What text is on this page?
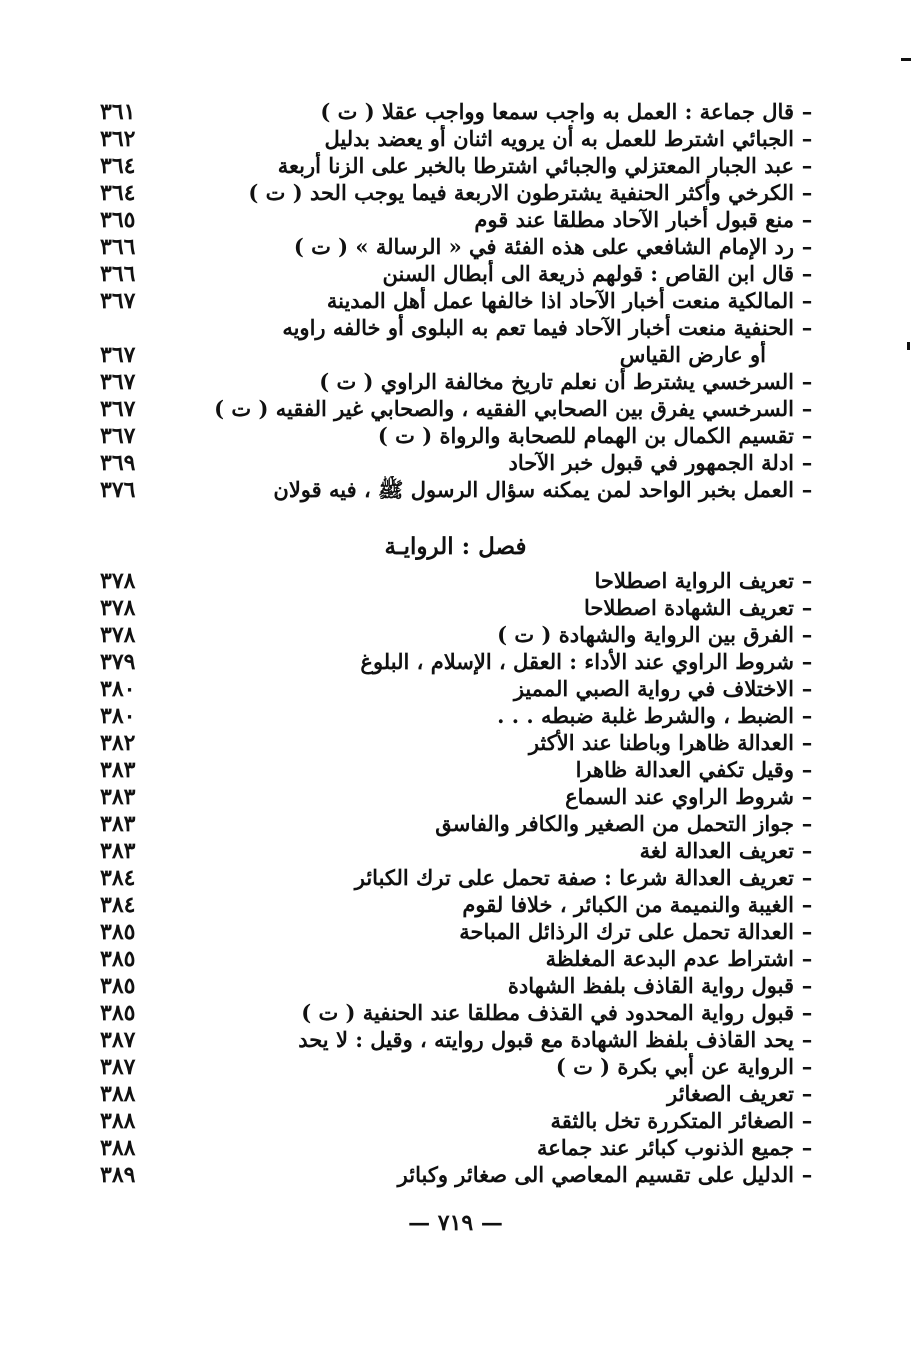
–
قال جماعة : العمل به واجب سمعا وواجب عقلا ( ت )
٣٦١
–
الجبائي اشترط للعمل به أن يرويه اثنان أو يعضد بدليل
٣٦٢
–
عبد الجبار المعتزلي والجبائي اشترطا بالخبر على الزنا أربعة
٣٦٤
–
الكرخي وأكثر الحنفية يشترطون الاربعة فيما يوجب الحد ( ت )
٣٦٤
–
منع قبول أخبار الآحاد مطلقا عند قوم
٣٦٥
–
رد الإمام الشافعي على هذه الفئة في « الرسالة » ( ت )
٣٦٦
–
قال ابن القاص : قولهم ذريعة الى أبطال السنن
٣٦٦
–
المالكية منعت أخبار الآحاد اذا خالفها عمل أهل المدينة
٣٦٧
–
الحنفية منعت أخبار الآحاد فيما تعم به البلوى أو خالفه راويه
أو عارض القياس
٣٦٧
–
السرخسي يشترط أن نعلم تاريخ مخالفة الراوي ( ت )
٣٦٧
–
السرخسي يفرق بين الصحابي الفقيه ، والصحابي غير الفقيه ( ت )
٣٦٧
–
تقسيم الكمال بن الهمام للصحابة والرواة ( ت )
٣٦٧
–
ادلة الجمهور في قبول خبر الآحاد
٣٦٩
–
العمل بخبر الواحد لمن يمكنه سؤال الرسول ﷺ ، فيه قولان
٣٧٦
فصل : الروايـة
–
تعريف الرواية اصطلاحا
٣٧٨
–
تعريف الشهادة اصطلاحا
٣٧٨
–
الفرق بين الرواية والشهادة ( ت )
٣٧٨
–
شروط الراوي عند الأداء : العقل ، الإسلام ، البلوغ
٣٧٩
–
الاختلاف في رواية الصبي المميز
٣٨٠
–
الضبط ، والشرط غلبة ضبطه . . .
٣٨٠
–
العدالة ظاهرا وباطنا عند الأكثر
٣٨٢
–
وقيل تكفي العدالة ظاهرا
٣٨٣
–
شروط الراوي عند السماع
٣٨٣
–
جواز التحمل من الصغير والكافر والفاسق
٣٨٣
–
تعريف العدالة لغة
٣٨٣
–
تعريف العدالة شرعا : صفة تحمل على ترك الكبائر
٣٨٤
–
الغيبة والنميمة من الكبائر ، خلافا لقوم
٣٨٤
–
العدالة تحمل على ترك الرذائل المباحة
٣٨٥
–
اشتراط عدم البدعة المغلظة
٣٨٥
–
قبول رواية القاذف بلفظ الشهادة
٣٨٥
–
قبول رواية المحدود في القذف مطلقا عند الحنفية ( ت )
٣٨٥
–
يحد القاذف بلفظ الشهادة مع قبول روايته ، وقيل : لا يحد
٣٨٧
–
الرواية عن أبي بكرة ( ت )
٣٨٧
–
تعريف الصغائر
٣٨٨
–
الصغائر المتكررة تخل بالثقة
٣٨٨
–
جميع الذنوب كبائر عند جماعة
٣٨٨
–
الدليل على تقسيم المعاصي الى صغائر وكبائر
٣٨٩
— ٧١٩ —
